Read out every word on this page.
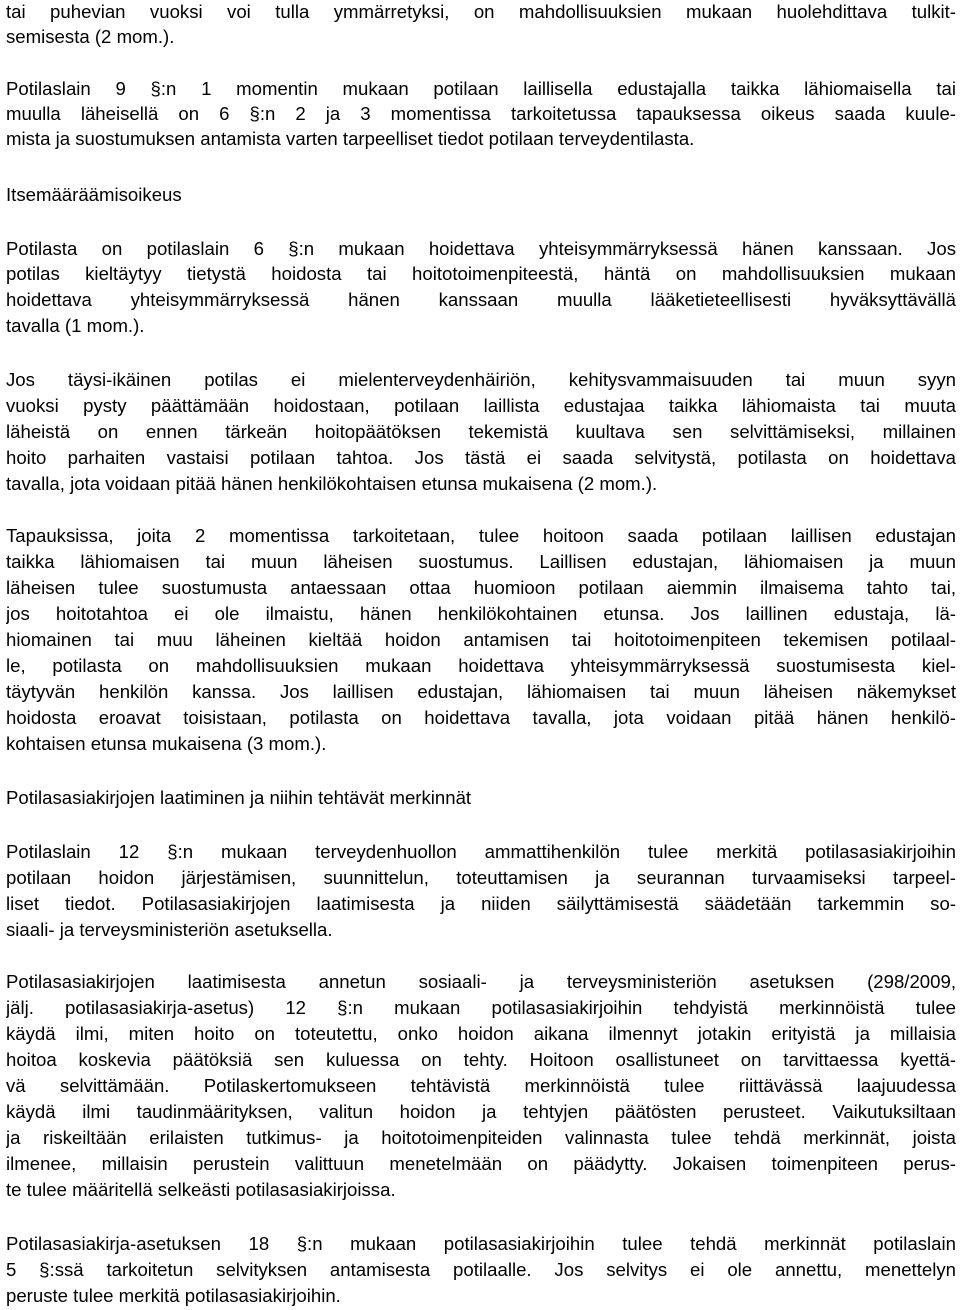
tai puhevian vuoksi voi tulla ymmärretyksi, on mahdollisuuksien mukaan huolehdittava tulkit-
semisesta (2 mom.).
Potilaslain 9 §:n 1 momentin mukaan potilaan laillisella edustajalla taikka lähiomaisella tai
muulla läheisellä on 6 §:n 2 ja 3 momentissa tarkoitetussa tapauksessa oikeus saada kuule-
mista ja suostumuksen antamista varten tarpeelliset tiedot potilaan terveydentilasta.
Itsemääräämisoikeus
Potilasta on potilaslain 6 §:n mukaan hoidettava yhteisymmärryksessä hänen kanssaan. Jos
potilas kieltäytyy tietystä hoidosta tai hoitotoimenpiteestä, häntä on mahdollisuuksien mukaan
hoidettava yhteisymmärryksessä hänen kanssaan muulla lääketieteellisesti hyväksyttävällä
tavalla (1 mom.).
Jos täysi-ikäinen potilas ei mielenterveydenhäiriön, kehitysvammaisuuden tai muun syyn
vuoksi pysty päättämään hoidostaan, potilaan laillista edustajaa taikka lähiomaista tai muuta
läheistä on ennen tärkeän hoitopäätöksen tekemistä kuultava sen selvittämiseksi, millainen
hoito parhaiten vastaisi potilaan tahtoa. Jos tästä ei saada selvitystä, potilasta on hoidettava
tavalla, jota voidaan pitää hänen henkilökohtaisen etunsa mukaisena (2 mom.).
Tapauksissa, joita 2 momentissa tarkoitetaan, tulee hoitoon saada potilaan laillisen edustajan
taikka lähiomaisen tai muun läheisen suostumus. Laillisen edustajan, lähiomaisen ja muun
läheisen tulee suostumusta antaessaan ottaa huomioon potilaan aiemmin ilmaisema tahto tai,
jos hoitotahtoa ei ole ilmaistu, hänen henkilökohtainen etunsa. Jos laillinen edustaja, lä-
hiomainen tai muu läheinen kieltää hoidon antamisen tai hoitotoimenpiteen tekemisen potilaal-
le, potilasta on mahdollisuuksien mukaan hoidettava yhteisymmärryksessä suostumisesta kiel-
täytyvän henkilön kanssa. Jos laillisen edustajan, lähiomaisen tai muun läheisen näkemykset
hoidosta eroavat toisistaan, potilasta on hoidettava tavalla, jota voidaan pitää hänen henkilö-
kohtaisen etunsa mukaisena (3 mom.).
Potilasasiakirjojen laatiminen ja niihin tehtävät merkinnät
Potilaslain 12 §:n mukaan terveydenhuollon ammattihenkilön tulee merkitä potilasasiakirjoihin
potilaan hoidon järjestämisen, suunnittelun, toteuttamisen ja seurannan turvaamiseksi tarpeel-
liset tiedot. Potilasasiakirjojen laatimisesta ja niiden säilyttämisestä säädetään tarkemmin so-
siaali- ja terveysministeriön asetuksella.
Potilasasiakirjojen laatimisesta annetun sosiaali- ja terveysministeriön asetuksen (298/2009,
jälj. potilasasiakirja-asetus) 12 §:n mukaan potilasasiakirjoihin tehdyistä merkinnöistä tulee
käydä ilmi, miten hoito on toteutettu, onko hoidon aikana ilmennyt jotakin erityistä ja millaisia
hoitoa koskevia päätöksiä sen kuluessa on tehty. Hoitoon osallistuneet on tarvittaessa kyettä-
vä selvittämään. Potilaskertomukseen tehtävistä merkinnöistä tulee riittävässä laajuudessa
käydä ilmi taudinmäärityksen, valitun hoidon ja tehtyjen päätösten perusteet. Vaikutuksiltaan
ja riskeiltään erilaisten tutkimus- ja hoitotoimenpiteiden valinnasta tulee tehdä merkinnät, joista
ilmenee, millaisin perustein valittuun menetelmään on päädytty. Jokaisen toimenpiteen perus-
te tulee määritellä selkeästi potilasasiakirjoissa.
Potilasasiakirja-asetuksen 18 §:n mukaan potilasasiakirjoihin tulee tehdä merkinnät potilaslain
5 §:ssä tarkoitetun selvityksen antamisesta potilaalle. Jos selvitys ei ole annettu, menettelyn
peruste tulee merkitä potilasasiakirjoihin.
